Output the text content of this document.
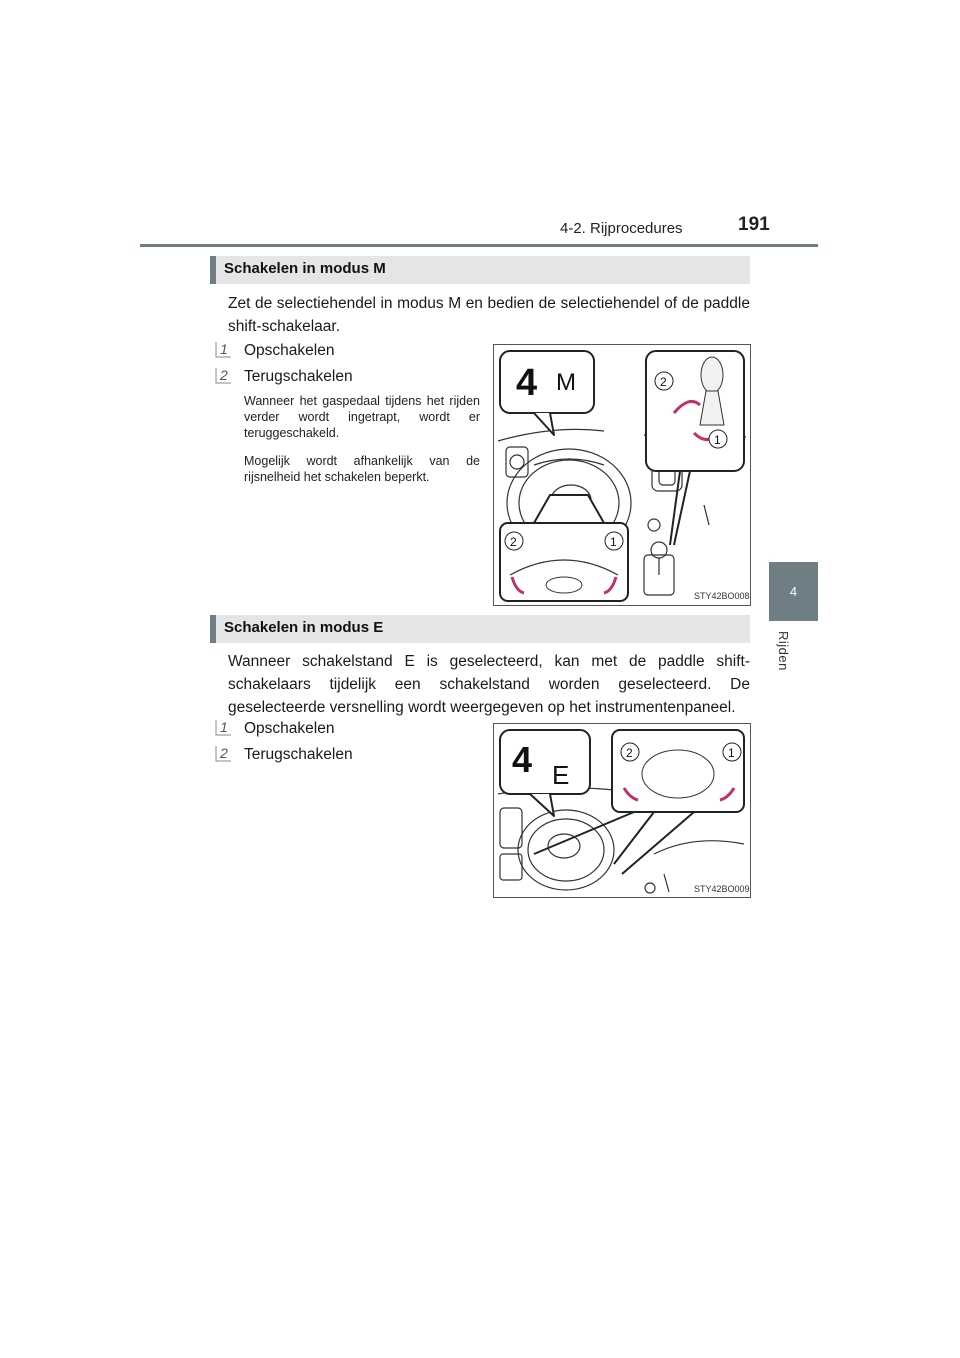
4-2. Rijprocedures	191
4
Rijden
Schakelen in modus M
Zet de selectiehendel in modus M en bedien de selectiehendel of de paddle shift-schakelaar.
1 Opschakelen
2 Terugschakelen
Wanneer het gaspedaal tijdens het rijden verder wordt ingetrapt, wordt er teruggeschakeld.
Mogelijk wordt afhankelijk van de rijsnelheid het schakelen beperkt.
4 M	2
1
2	1
STY42BO008
Schakelen in modus E
Wanneer schakelstand E is geselecteerd, kan met de paddle shift-schakelaars tijdelijk een schakelstand worden geselecteerd. De geselecteerde versnelling wordt weergegeven op het instrumentenpaneel.
1 Opschakelen
2 Terugschakelen	4 E
2	1
STY42BO009
